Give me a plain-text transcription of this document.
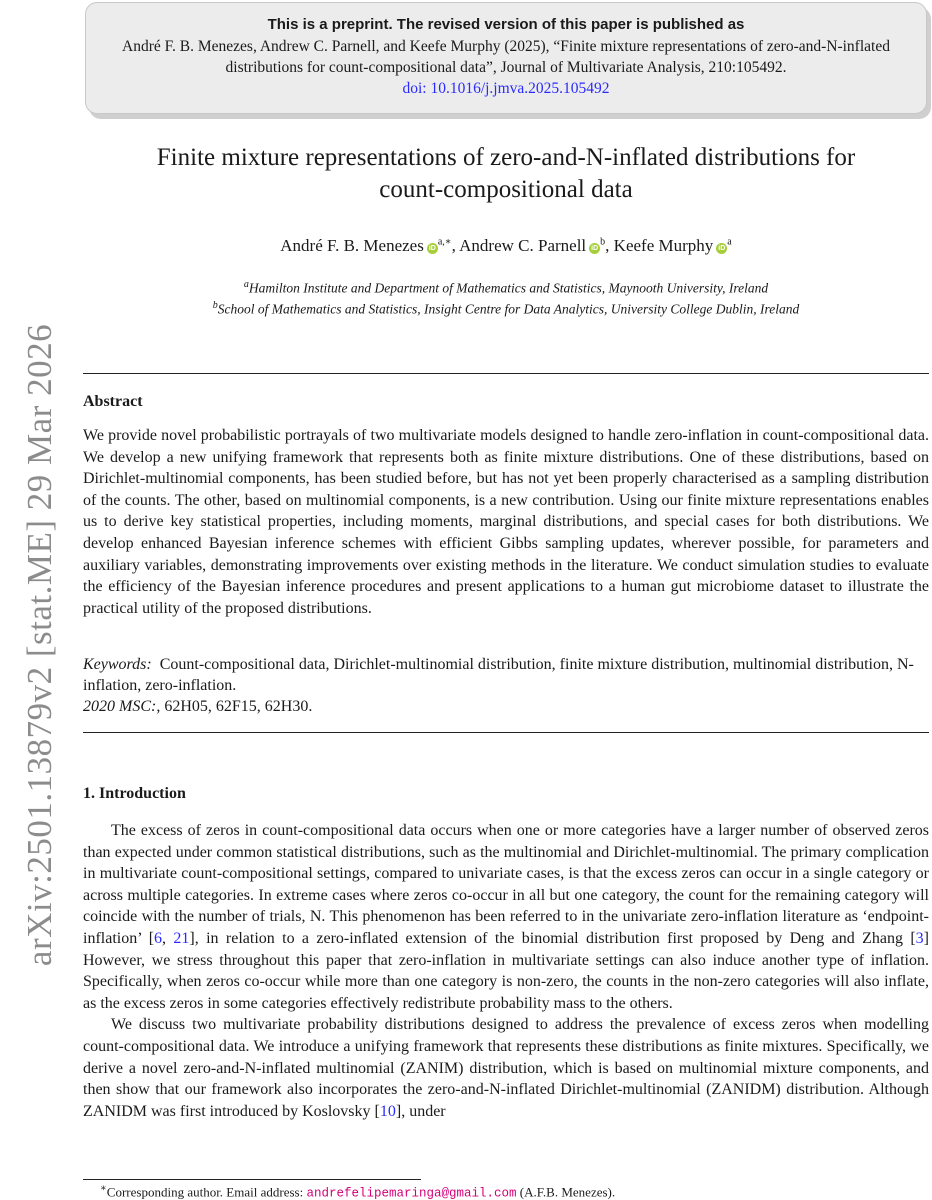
arXiv:2501.13879v2 [stat.ME] 29 Mar 2026
This is a preprint. The revised version of this paper is published as
André F. B. Menezes, Andrew C. Parnell, and Keefe Murphy (2025), “Finite mixture representations of zero-and-N-inflated
distributions for count-compositional data”, Journal of Multivariate Analysis, 210:105492.
doi: 10.1016/j.jmva.2025.105492
Finite mixture representations of zero-and-N-inflated distributions for
count-compositional data
André F. B. Menezes $iD^{a,∗}$, Andrew C. Parnell $iD^b$, Keefe Murphy $iD^a$
$^a$Hamilton Institute and Department of Mathematics and Statistics, Maynooth University, Ireland
$^b$School of Mathematics and Statistics, Insight Centre for Data Analytics, University College Dublin, Ireland
Abstract
We provide novel probabilistic portrayals of two multivariate models designed to handle zero-inflation in count-compositional data. We develop a new unifying framework that represents both as finite mixture distributions. One of these distributions, based on Dirichlet-multinomial components, has been studied before, but has not yet been properly characterised as a sampling distribution of the counts. The other, based on multinomial components, is a new contribution. Using our finite mixture representations enables us to derive key statistical properties, including moments, marginal distributions, and special cases for both distributions. We develop enhanced Bayesian inference schemes with efficient Gibbs sampling updates, wherever possible, for parameters and auxiliary variables, demonstrating improvements over existing methods in the literature. We conduct simulation studies to evaluate the efficiency of the Bayesian inference procedures and present applications to a human gut microbiome dataset to illustrate the practical utility of the proposed distributions.
Keywords: Count-compositional data, Dirichlet-multinomial distribution, finite mixture distribution, multinomial distribution, N-inflation, zero-inflation.
2020 MSC:, 62H05, 62F15, 62H30.
1. Introduction

The excess of zeros in count-compositional data occurs when one or more categories have a larger number of observed zeros than expected under common statistical distributions, such as the multinomial and Dirichlet-multinomial. The primary complication in multivariate count-compositional settings, compared to univariate cases, is that the excess zeros can occur in a single category or across multiple categories. In extreme cases where zeros co-occur in all but one category, the count for the remaining category will coincide with the number of trials, N. This phenomenon has been referred to in the univariate zero-inflation literature as ‘endpoint-inflation’ [6, 21], in relation to a zero-inflated extension of the binomial distribution first proposed by Deng and Zhang [3] However, we stress throughout this paper that zero-inflation in multivariate settings can also induce another type of inflation. Specifically, when zeros co-occur while more than one category is non-zero, the counts in the non-zero categories will also inflate, as the excess zeros in some categories effectively redistribute probability mass to the others.

We discuss two multivariate probability distributions designed to address the prevalence of excess zeros when modelling count-compositional data. We introduce a unifying framework that represents these distributions as finite mixtures. Specifically, we derive a novel zero-and-N-inflated multinomial (ZANIM) distribution, which is based on multinomial mixture components, and then show that our framework also incorporates the zero-and-N-inflated Dirichlet-multinomial (ZANIDM) distribution. Although ZANIDM was first introduced by Koslovsky [10], under

∗Corresponding author. Email address: andrefelipemaringa@gmail.com (A.F.B. Menezes).
